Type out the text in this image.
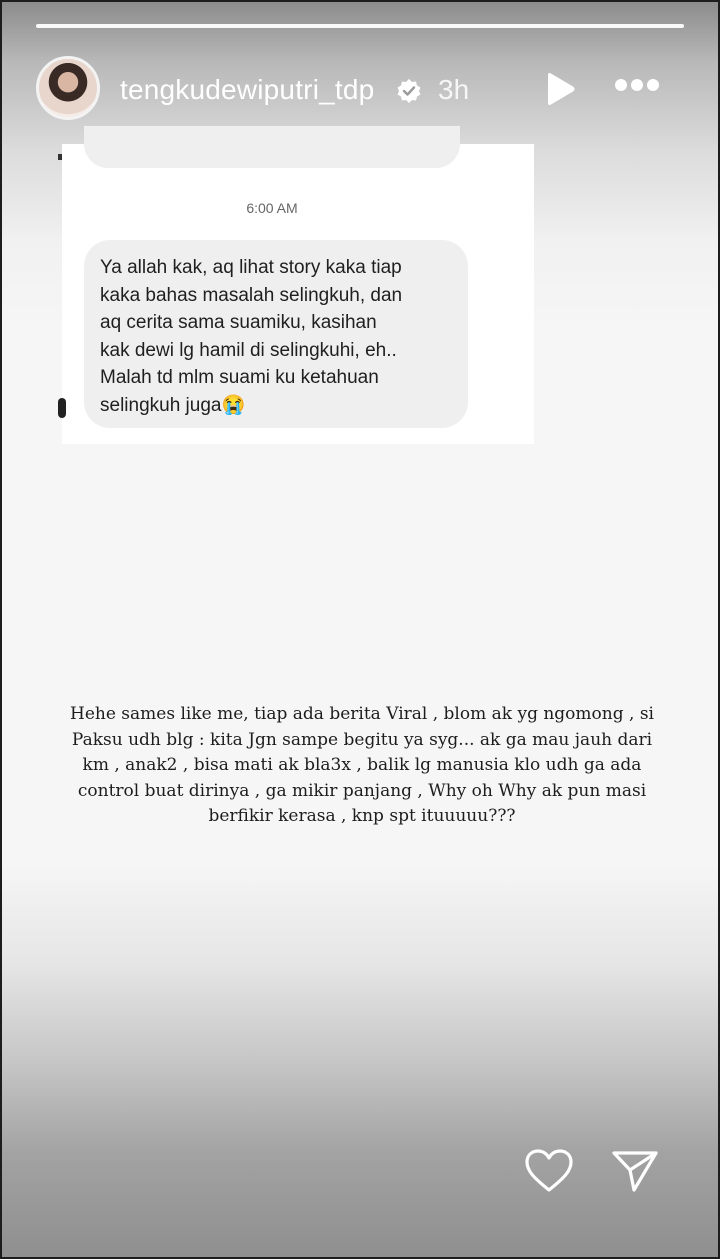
tengkudewiputri_tdp 3h
6:00 AM
Ya allah kak, aq lihat story kaka tiap
kaka bahas masalah selingkuh, dan
aq cerita sama suamiku, kasihan
kak dewi lg hamil di selingkuhi, eh..
Malah td mlm suami ku ketahuan
selingkuh juga😭
Hehe sames like me, tiap ada berita Viral , blom ak yg ngomong , si
Paksu udh blg : kita Jgn sampe begitu ya syg... ak ga mau jauh dari
km , anak2 , bisa mati ak bla3x , balik lg manusia klo udh ga ada
control buat dirinya , ga mikir panjang , Why oh Why ak pun masi
berfikir kerasa , knp spt ituuuuu???
